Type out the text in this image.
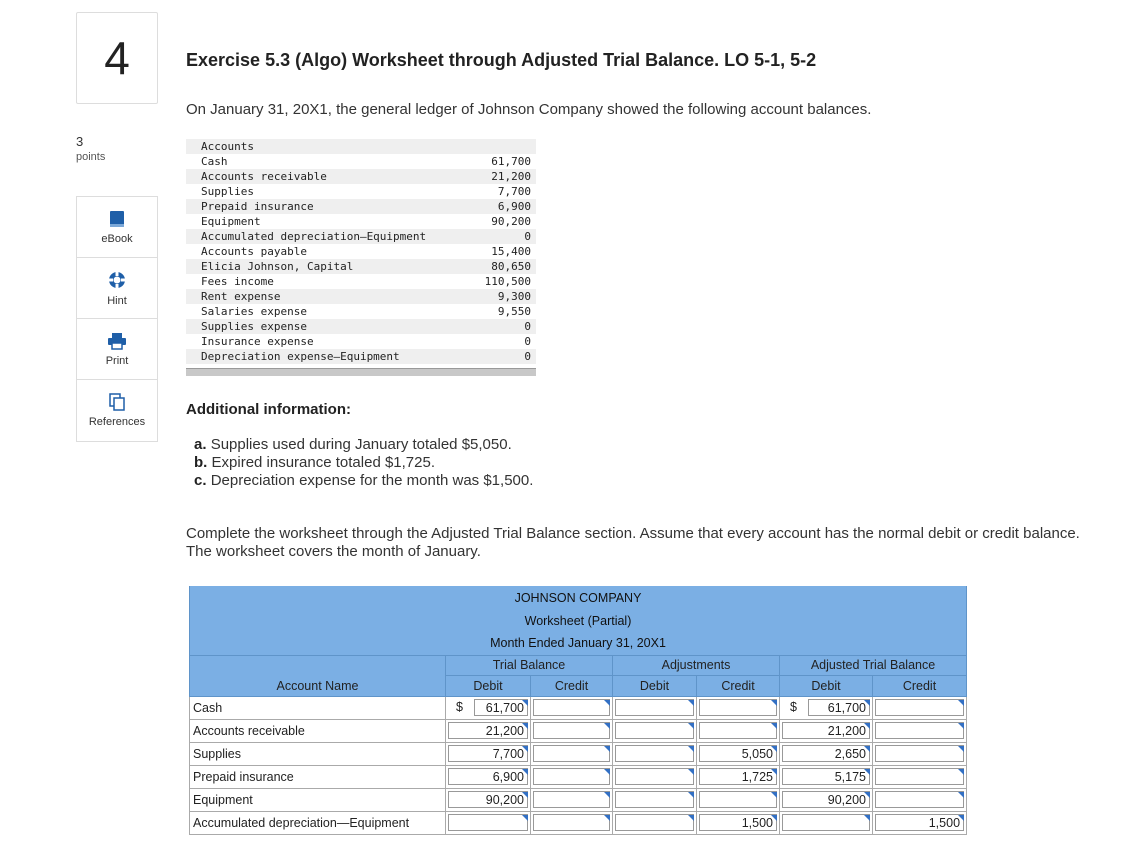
4
3
points
eBook
Hint
Print
References
Exercise 5.3 (Algo) Worksheet through Adjusted Trial Balance. LO 5-1, 5-2
On January 31, 20X1, the general ledger of Johnson Company showed the following account balances.
Accounts
Cash	61,700
Accounts receivable	21,200
Supplies	7,700
Prepaid insurance	6,900
Equipment	90,200
Accumulated depreciation—Equipment	0
Accounts payable	15,400
Elicia Johnson, Capital	80,650
Fees income	110,500
Rent expense	9,300
Salaries expense	9,550
Supplies expense	0
Insurance expense	0
Depreciation expense—Equipment	0
Additional information:
a. Supplies used during January totaled $5,050.
b. Expired insurance totaled $1,725.
c. Depreciation expense for the month was $1,500.
Complete the worksheet through the Adjusted Trial Balance section. Assume that every account has the normal debit or credit balance. The worksheet covers the month of January.
JOHNSON COMPANY						
Worksheet (Partial)						
Month Ended January 31, 20X1						
Account Name	Trial Balance		Adjustments		Adjusted Trial Balance	
	Debit	Credit	Debit	Credit	Debit	Credit
Cash	$ 61,700				$ 61,700	

Accounts receivable	21,200				21,200	

Supplies	7,700			5,050	2,650	

Prepaid insurance	6,900			1,725	5,175	

Equipment	90,200				90,200	

Accumulated depreciation—Equipment				1,500		1,500
